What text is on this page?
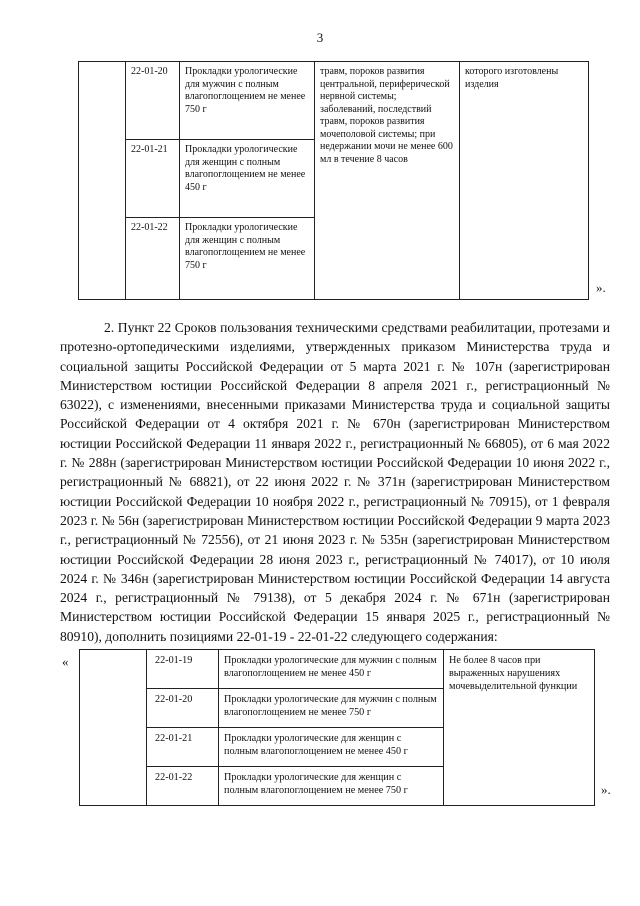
3
	22-01-20	Прокладки урологические для мужчин с полным влагопоглощением не менее 750 г	травм, пороков развития центральной, периферической нервной системы; заболеваний, последствий травм, пороков развития мочеполовой системы; при недержании мочи не менее 600 мл в течение 8 часов	которого изготовлены изделия
	22-01-21	Прокладки урологические для женщин с полным влагопоглощением не менее 450 г		
	22-01-22	Прокладки урологические для женщин с полным влагопоглощением не менее 750 г		
».

2. Пункт 22 Сроков пользования техническими средствами реабилитации, протезами и протезно-ортопедическими изделиями, утвержденных приказом Министерства труда и социальной защиты Российской Федерации от 5 марта 2021 г. № 107н (зарегистрирован Министерством юстиции Российской Федерации 8 апреля 2021 г., регистрационный № 63022), с изменениями, внесенными приказами Министерства труда и социальной защиты Российской Федерации от 4 октября 2021 г. № 670н (зарегистрирован Министерством юстиции Российской Федерации 11 января 2022 г., регистрационный № 66805), от 6 мая 2022 г. № 288н (зарегистрирован Министерством юстиции Российской Федерации 10 июня 2022 г., регистрационный № 68821), от 22 июня 2022 г. № 371н (зарегистрирован Министерством юстиции Российской Федерации 10 ноября 2022 г., регистрационный № 70915), от 1 февраля 2023 г. № 56н (зарегистрирован Министерством юстиции Российской Федерации 9 марта 2023 г., регистрационный № 72556), от 21 июня 2023 г. № 535н (зарегистрирован Министерством юстиции Российской Федерации 28 июня 2023 г., регистрационный № 74017), от 10 июля 2024 г. № 346н (зарегистрирован Министерством юстиции Российской Федерации 14 августа 2024 г., регистрационный № 79138), от 5 декабря 2024 г. № 671н (зарегистрирован Министерством юстиции Российской Федерации 15 января 2025 г., регистрационный № 80910), дополнить позициями 22-01-19 - 22-01-22 следующего содержания:

«
		22-01-19	Прокладки урологические для мужчин с полным влагопоглощением не менее 450 г	Не более 8 часов при выраженных нарушениях мочевыделительной функции
	22-01-20	Прокладки урологические для мужчин с полным влагопоглощением не менее 750 г	
	22-01-21	Прокладки урологические для женщин с полным влагопоглощением не менее 450 г	
	22-01-22	Прокладки урологические для женщин с полным влагопоглощением не менее 750 г		».
